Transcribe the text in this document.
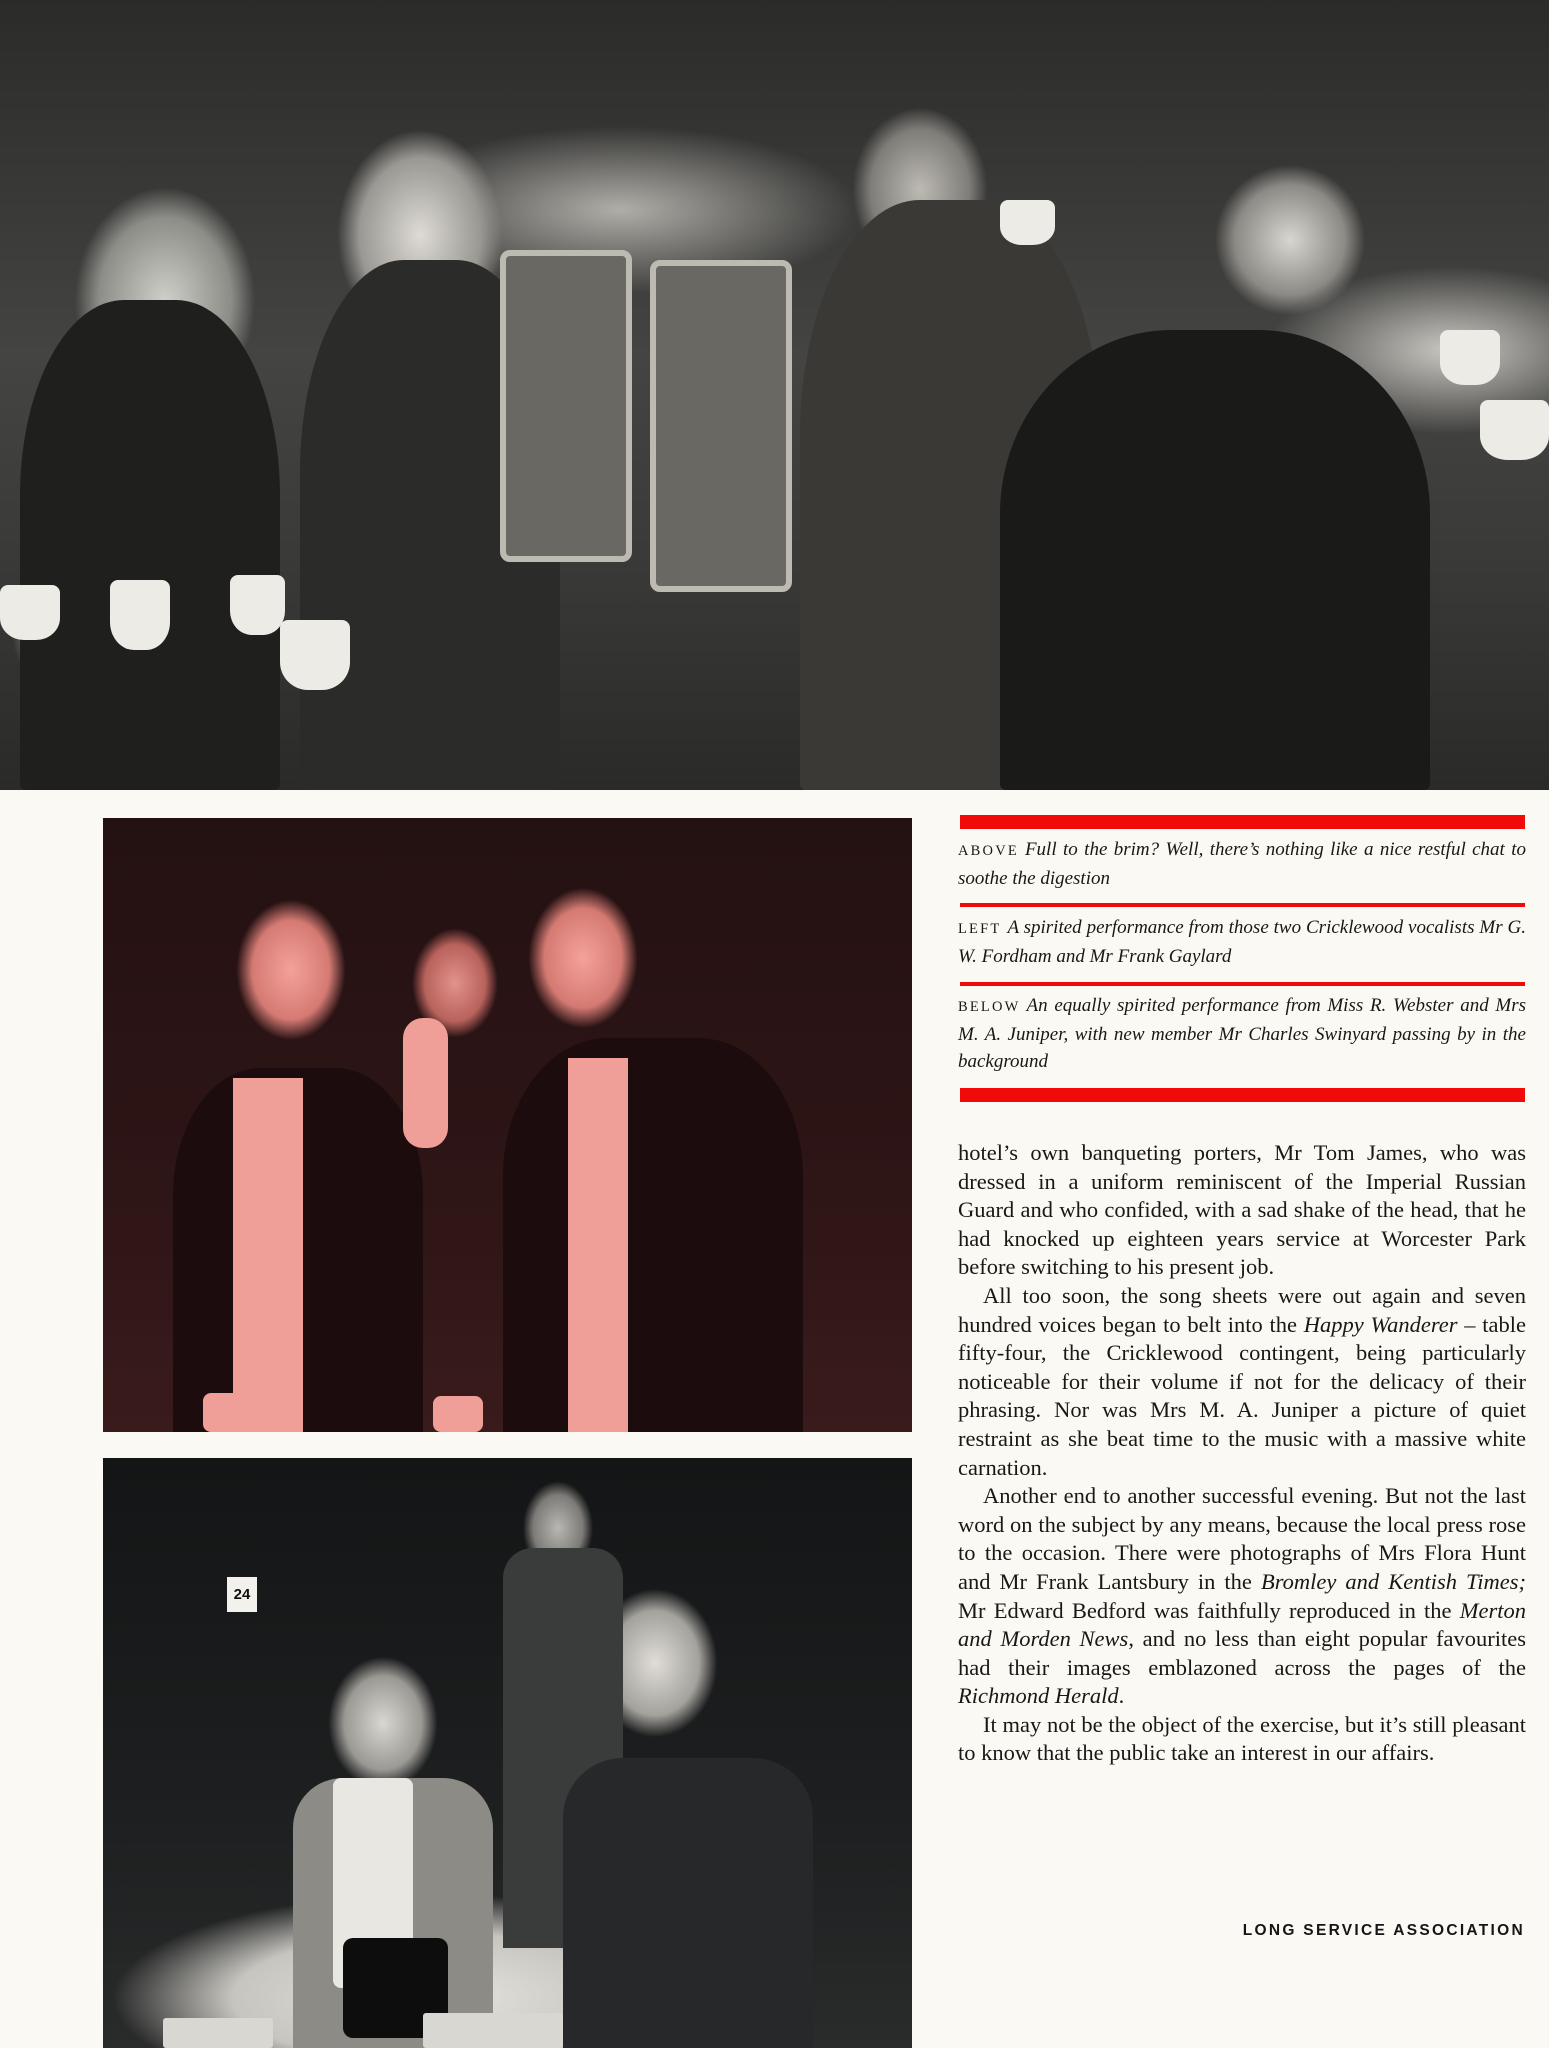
24
ABOVE Full to the brim? Well, there’s nothing like a nice restful chat to soothe the digestion
LEFT A spirited performance from those two Cricklewood vocalists Mr G. W. Fordham and Mr Frank Gaylard
BELOW An equally spirited performance from Miss R. Webster and Mrs M. A. Juniper, with new member Mr Charles Swinyard passing by in the background

hotel’s own banqueting porters, Mr Tom James, who was dressed in a uniform reminiscent of the Imperial Russian Guard and who confided, with a sad shake of the head, that he had knocked up eighteen years service at Worcester Park before switching to his present job.

All too soon, the song sheets were out again and seven hundred voices began to belt into the Happy Wanderer – table fifty-four, the Cricklewood contingent, being particularly noticeable for their volume if not for the delicacy of their phrasing. Nor was Mrs M. A. Juniper a picture of quiet restraint as she beat time to the music with a massive white carnation.

Another end to another successful evening. But not the last word on the subject by any means, because the local press rose to the occasion. There were photographs of Mrs Flora Hunt and Mr Frank Lantsbury in the Bromley and Kentish Times; Mr Edward Bedford was faithfully reproduced in the Merton and Morden News, and no less than eight popular favourites had their images emblazoned across the pages of the Richmond Herald.

It may not be the object of the exercise, but it’s still pleasant to know that the public take an interest in our affairs.

LONG SERVICE ASSOCIATION
